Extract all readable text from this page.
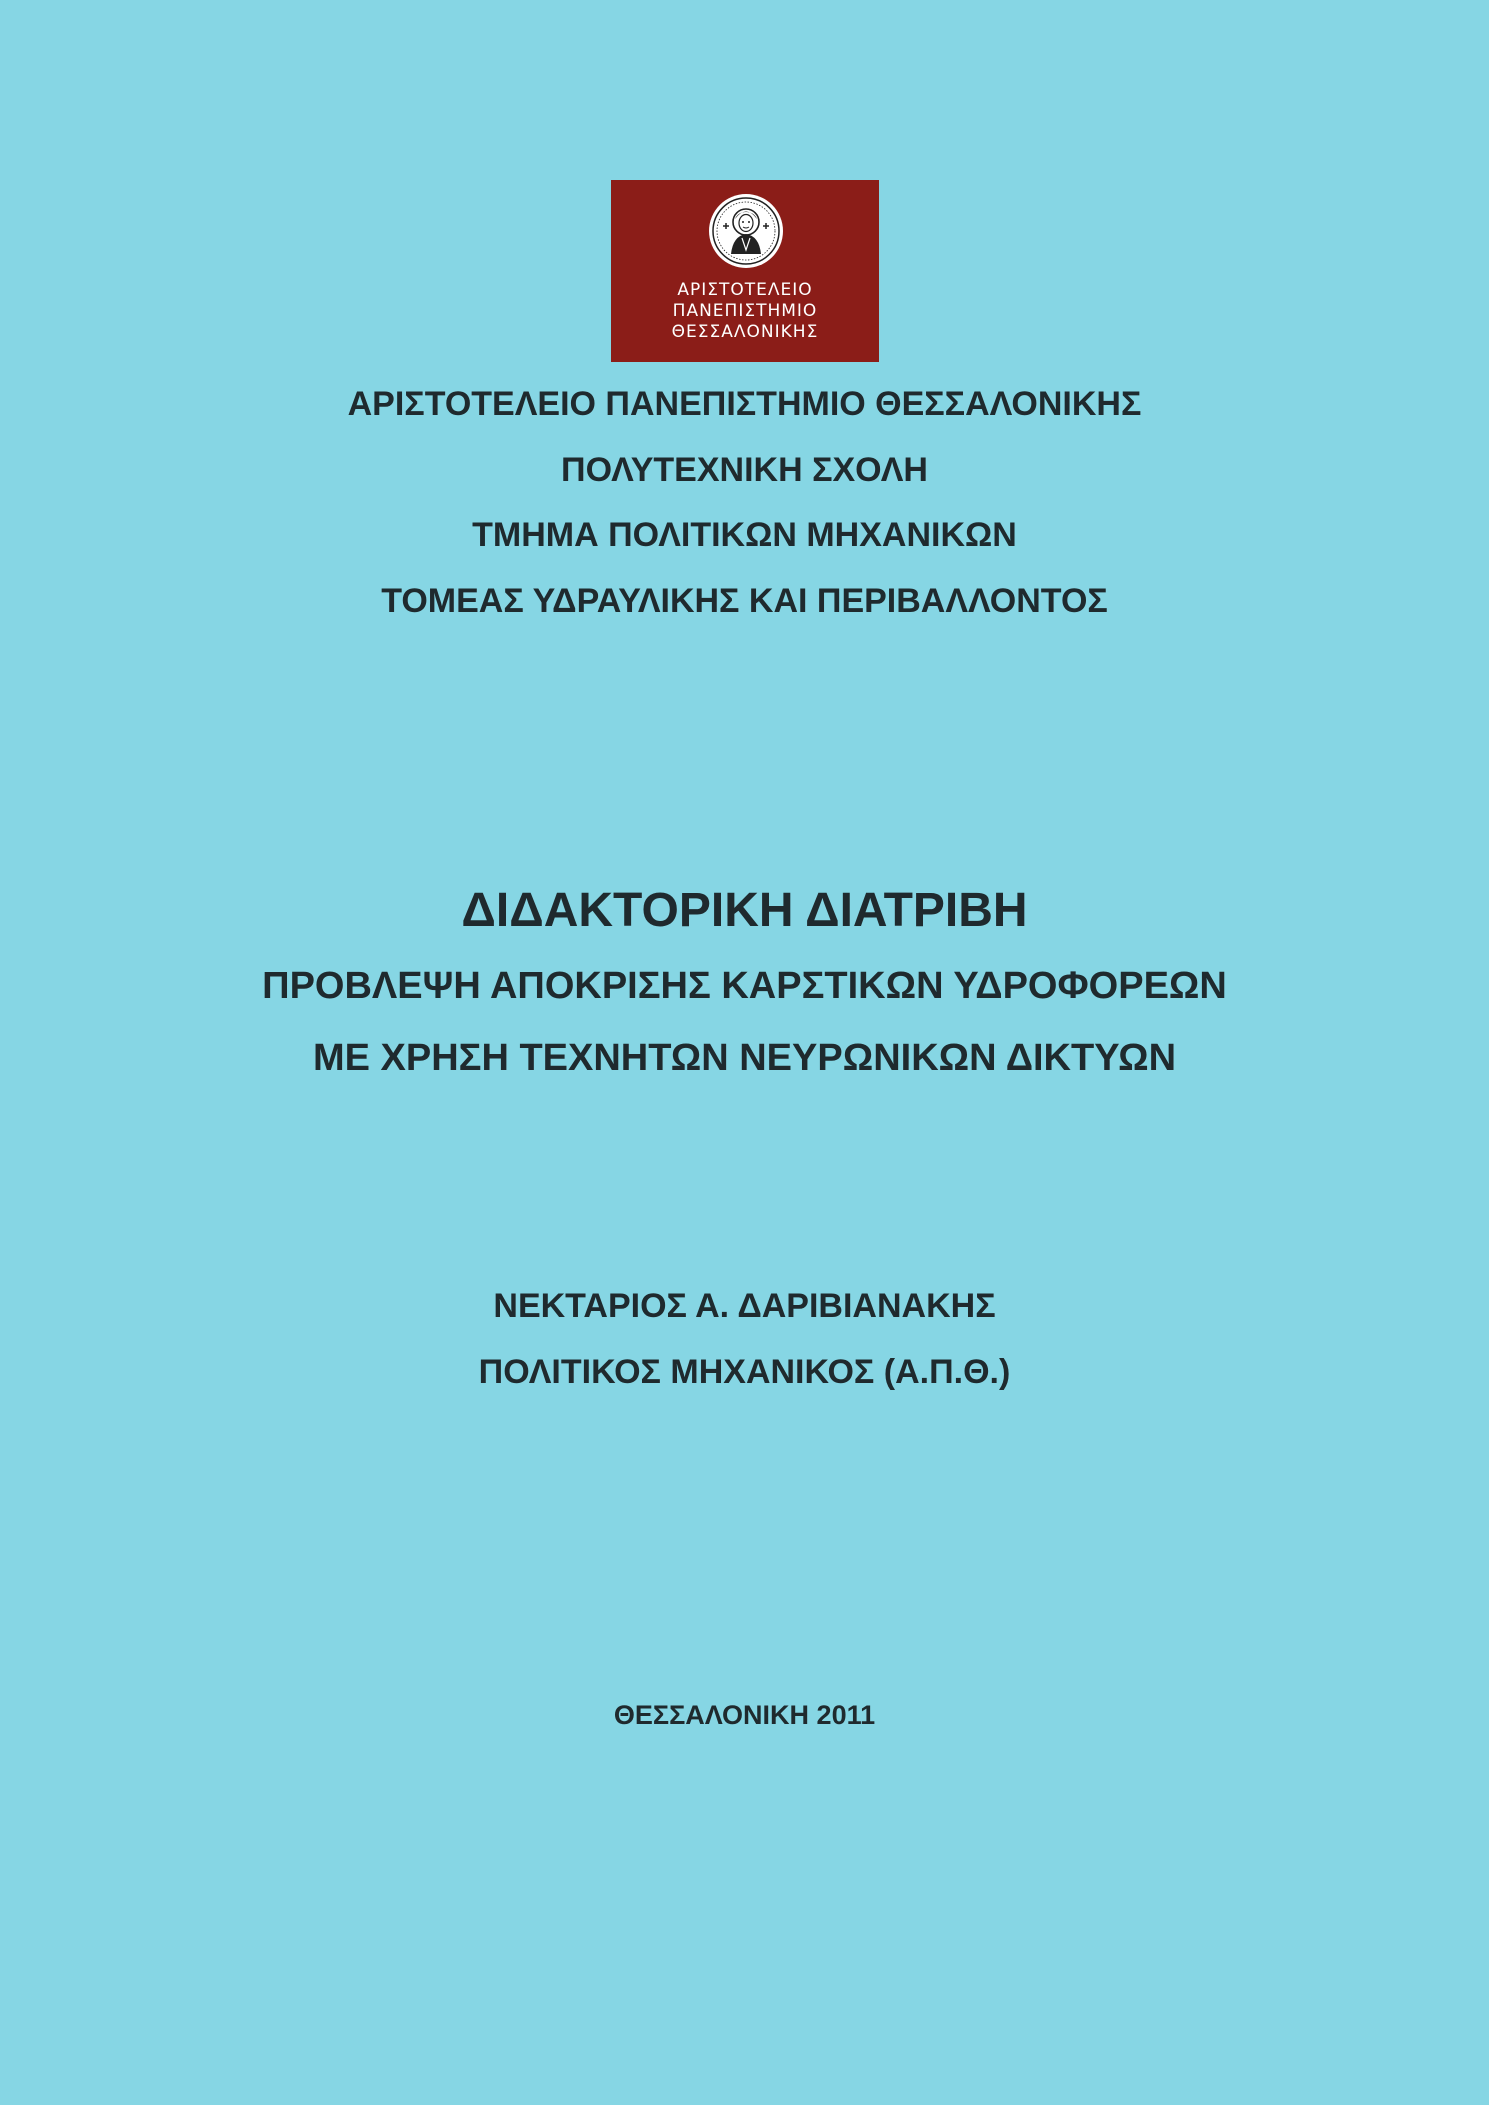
ΑΡΙΣΤΟΤΕΛΕΙΟ
ΠΑΝΕΠΙΣΤΗΜΙΟ
ΘΕΣΣΑΛΟΝΙΚΗΣ
ΑΡΙΣΤΟΤΕΛΕΙΟ ΠΑΝΕΠΙΣΤΗΜΙΟ ΘΕΣΣΑΛΟΝΙΚΗΣ
ΠΟΛΥΤΕΧΝΙΚΗ ΣΧΟΛΗ
ΤΜΗΜΑ ΠΟΛΙΤΙΚΩΝ ΜΗΧΑΝΙΚΩΝ
ΤΟΜΕΑΣ ΥΔΡΑΥΛΙΚΗΣ ΚΑΙ ΠΕΡΙΒΑΛΛΟΝΤΟΣ
ΔΙΔΑΚΤΟΡΙΚΗ ΔΙΑΤΡΙΒΗ
ΠΡΟΒΛΕΨΗ ΑΠΟΚΡΙΣΗΣ ΚΑΡΣΤΙΚΩΝ ΥΔΡΟΦΟΡΕΩΝ
ΜΕ ΧΡΗΣΗ ΤΕΧΝΗΤΩΝ ΝΕΥΡΩΝΙΚΩΝ ΔΙΚΤΥΩΝ
ΝΕΚΤΑΡΙΟΣ Α. ΔΑΡΙΒΙΑΝΑΚΗΣ
ΠΟΛΙΤΙΚΟΣ ΜΗΧΑΝΙΚΟΣ (Α.Π.Θ.)
ΘΕΣΣΑΛΟΝΙΚΗ 2011
